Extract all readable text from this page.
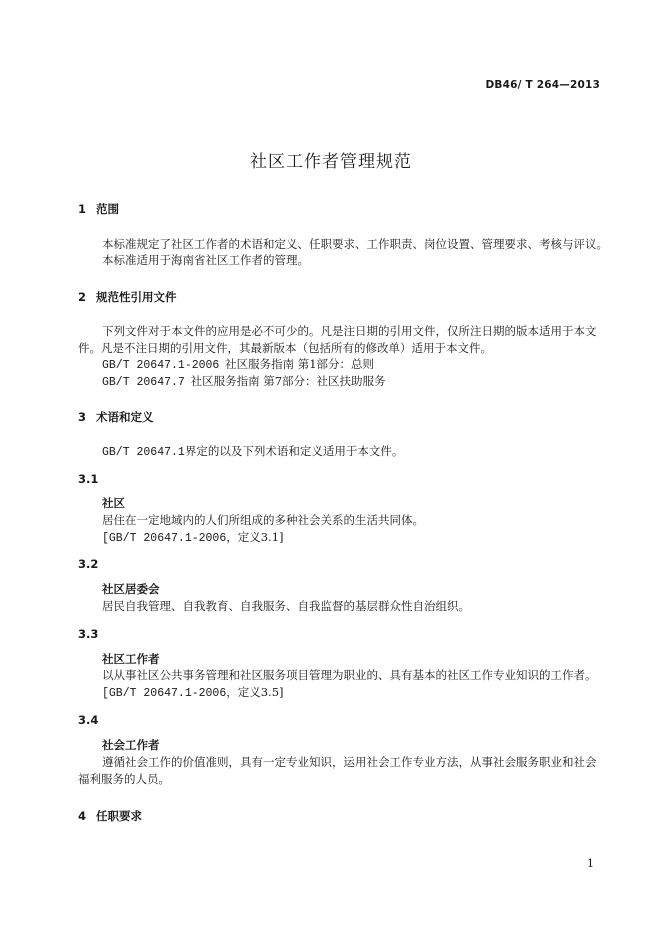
DB46/ T 264—2013
社区工作者管理规范
1 范围
本标准规定了社区工作者的术语和定义、任职要求、工作职责、岗位设置、管理要求、考核与评议。
本标准适用于海南省社区工作者的管理。
2 规范性引用文件
下列文件对于本文件的应用是必不可少的。凡是注日期的引用文件，仅所注日期的版本适用于本文
件。凡是不注日期的引用文件，其最新版本（包括所有的修改单）适用于本文件。
GB/T 20647.1-2006 社区服务指南 第1部分：总则
GB/T 20647.7 社区服务指南 第7部分：社区扶助服务
3 术语和定义
GB/T 20647.1界定的以及下列术语和定义适用于本文件。
3.1
社区
居住在一定地域内的人们所组成的多种社会关系的生活共同体。
[GB/T 20647.1-2006，定义3.1]
3.2
社区居委会
居民自我管理、自我教育、自我服务、自我监督的基层群众性自治组织。
3.3
社区工作者
以从事社区公共事务管理和社区服务项目管理为职业的、具有基本的社区工作专业知识的工作者。
[GB/T 20647.1-2006，定义3.5]
3.4
社会工作者
遵循社会工作的价值准则，具有一定专业知识，运用社会工作专业方法，从事社会服务职业和社会
福利服务的人员。
4 任职要求
1
